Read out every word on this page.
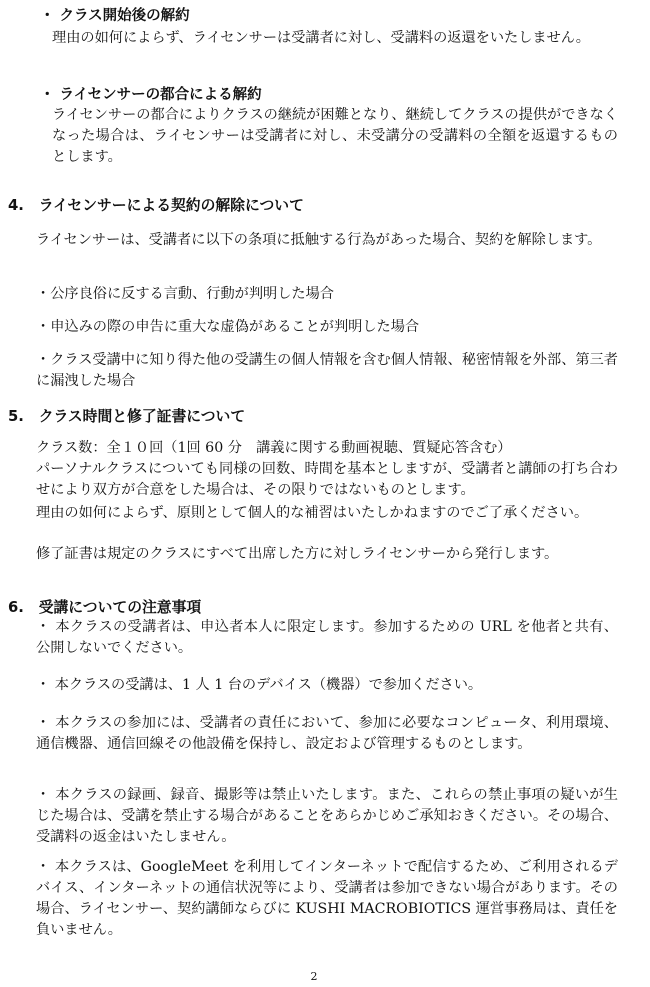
・ クラス開始後の解約
理由の如何によらず、ライセンサーは受講者に対し、受講料の返還をいたしません。
・ ライセンサーの都合による解約
ライセンサーの都合によりクラスの継続が困難となり、継続してクラスの提供ができなくなった場合は、ライセンサーは受講者に対し、未受講分の受講料の全額を返還するものとします。
4.　ライセンサーによる契約の解除について
ライセンサーは、受講者に以下の条項に抵触する行為があった場合、契約を解除します。
・公序良俗に反する言動、行動が判明した場合
・申込みの際の申告に重大な虚偽があることが判明した場合
・クラス受講中に知り得た他の受講生の個人情報を含む個人情報、秘密情報を外部、第三者に漏洩した場合
5.　クラス時間と修了証書について
クラス数：全１０回（1回 60 分　講義に関する動画視聴、質疑応答含む）
パーソナルクラスについても同様の回数、時間を基本としますが、受講者と講師の打ち合わせにより双方が合意をした場合は、その限りではないものとします。
理由の如何によらず、原則として個人的な補習はいたしかねますのでご了承ください。
修了証書は規定のクラスにすべて出席した方に対しライセンサーから発行します。
6.　受講についての注意事項
・ 本クラスの受講者は、申込者本人に限定します。参加するための URL を他者と共有、公開しないでください。
・ 本クラスの受講は、1 人 1 台のデバイス（機器）で参加ください。
・ 本クラスの参加には、受講者の責任において、参加に必要なコンピュータ、利用環境、通信機器、通信回線その他設備を保持し、設定および管理するものとします。
・ 本クラスの録画、録音、撮影等は禁止いたします。また、これらの禁止事項の疑いが生じた場合は、受講を禁止する場合があることをあらかじめご承知おきください。その場合、受講料の返金はいたしません。
・ 本クラスは、GoogleMeet を利用してインターネットで配信するため、ご利用されるデバイス、インターネットの通信状況等により、受講者は参加できない場合があります。その場合、ライセンサー、契約講師ならびに KUSHI MACROBIOTICS 運営事務局は、責任を負いません。
2
